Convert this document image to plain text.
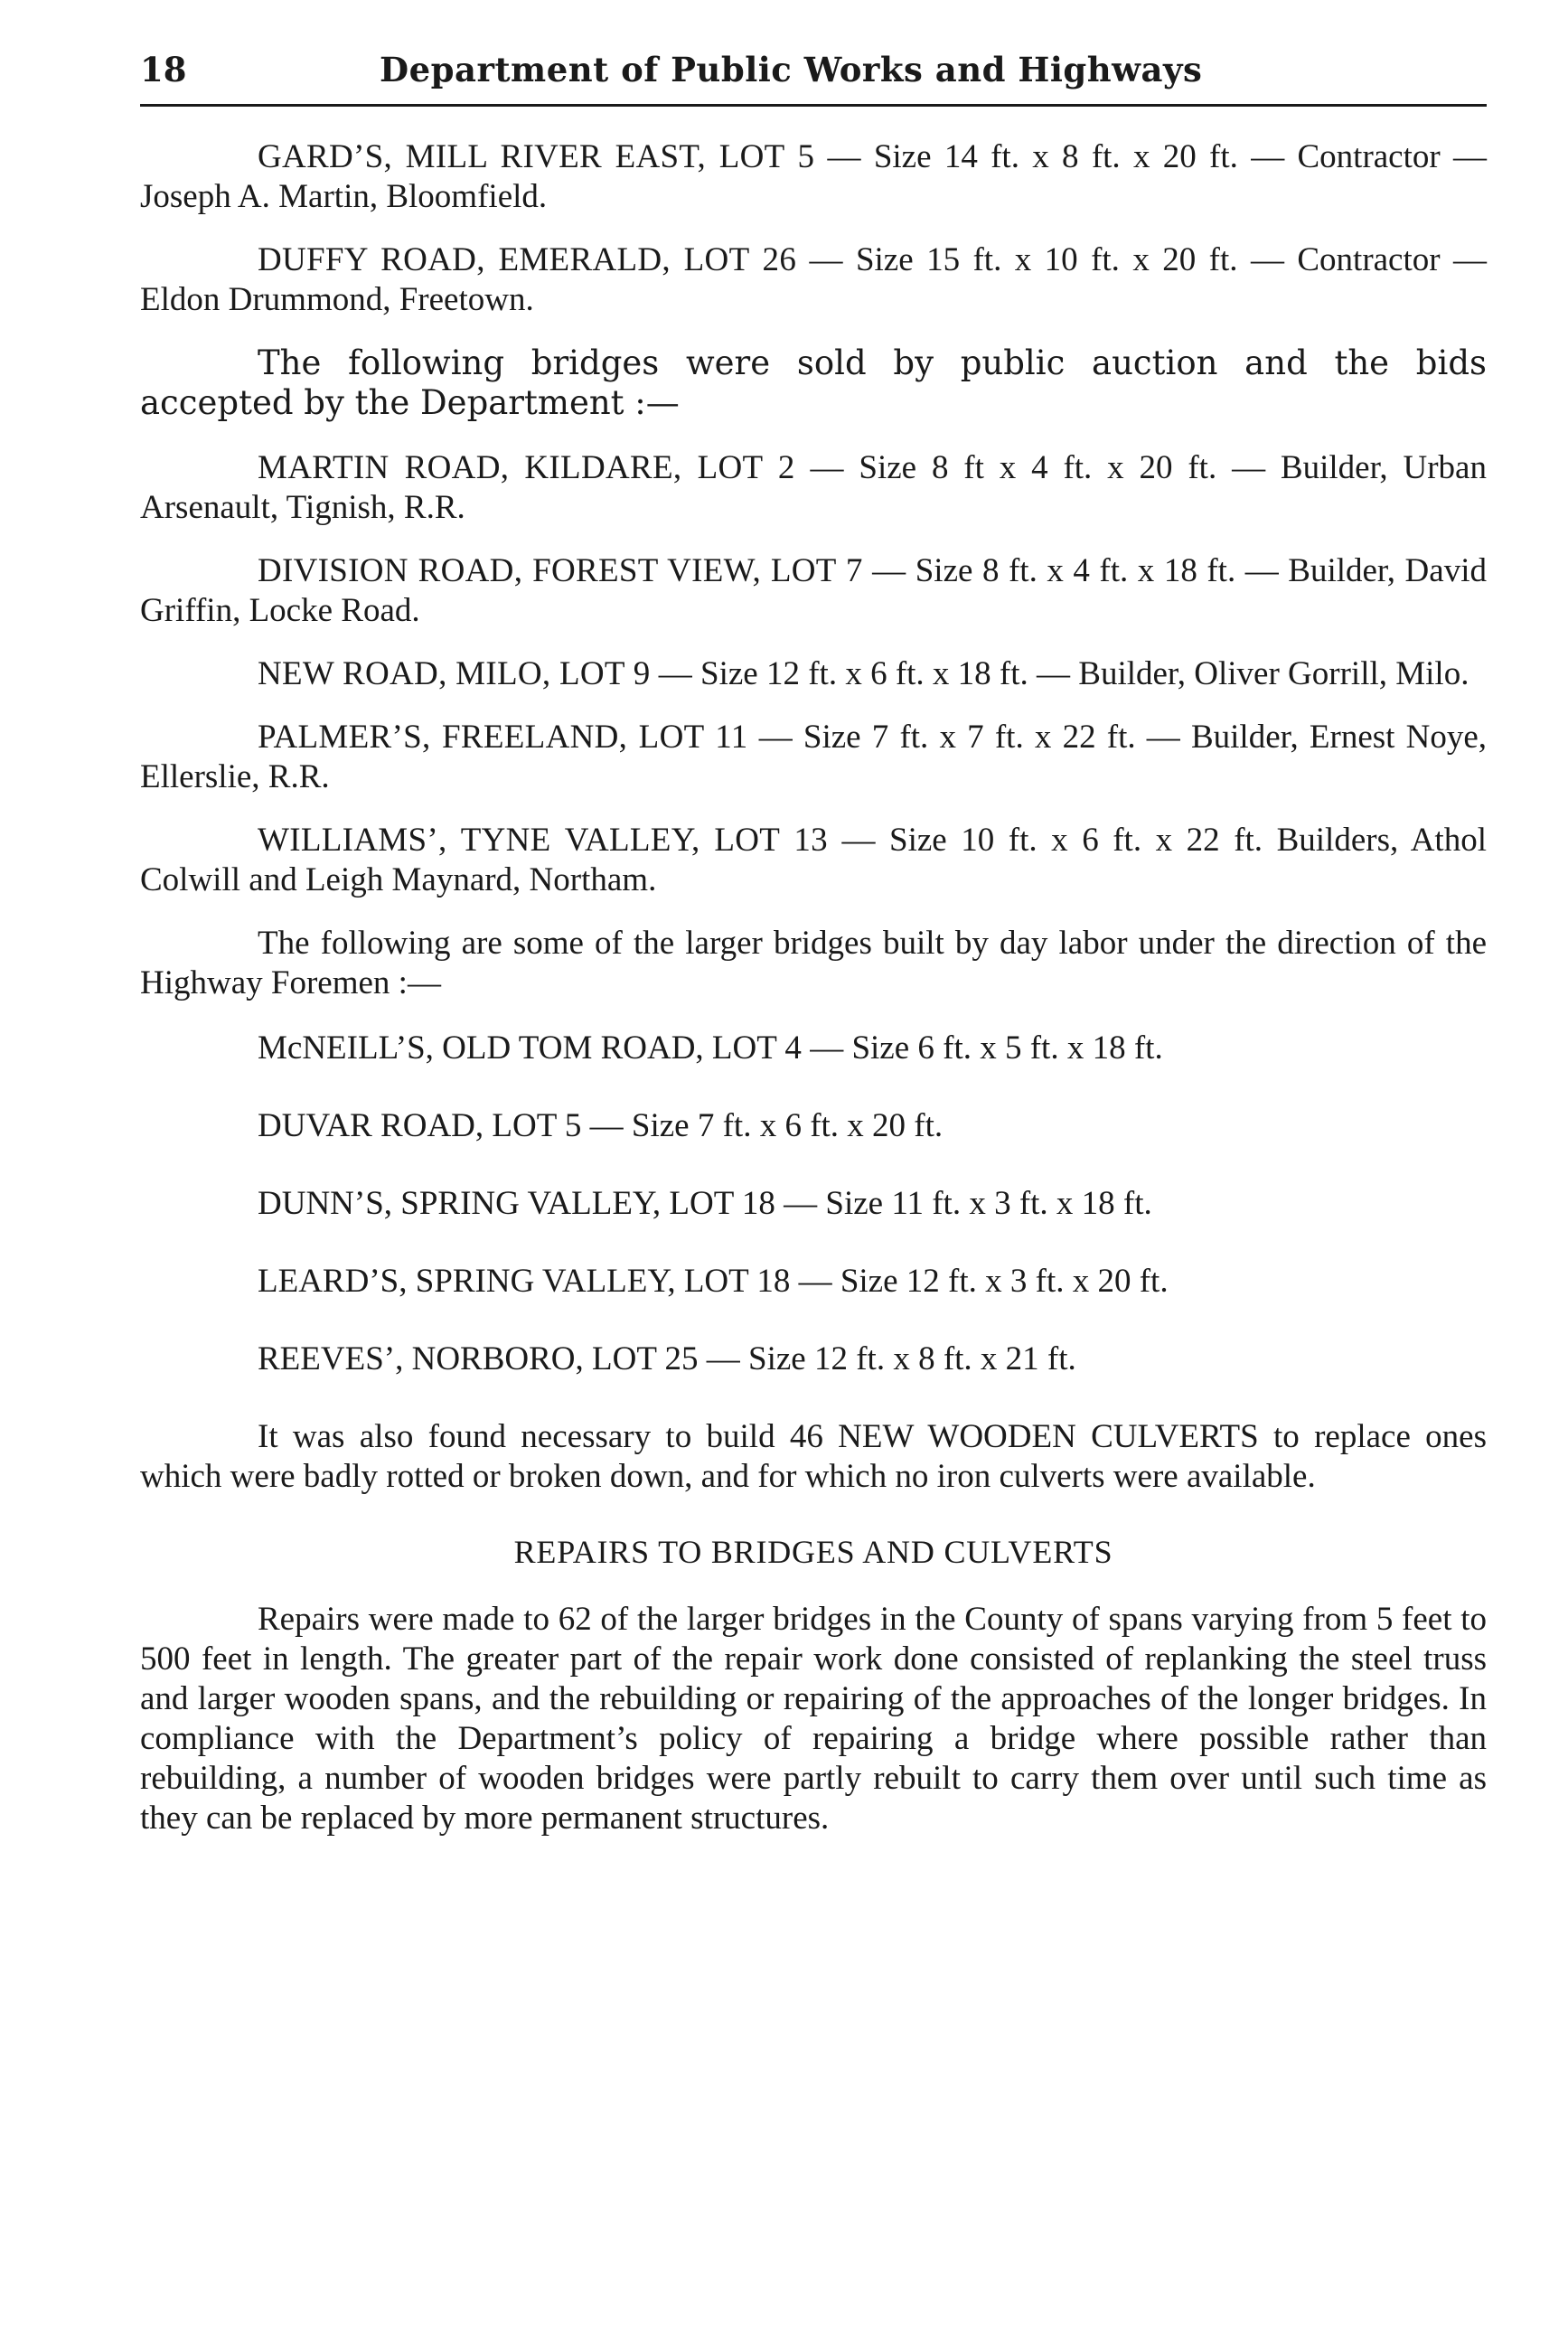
18	Department of Public Works and Highways

GARD’S, MILL RIVER EAST, LOT 5 — Size 14 ft. x 8 ft. x 20 ft. — Contractor — Joseph A. Martin, Bloomfield.

DUFFY ROAD, EMERALD, LOT 26 — Size 15 ft. x 10 ft. x 20 ft. — Contractor — Eldon Drummond, Freetown.

The following bridges were sold by public auction and the bids accepted by the Department :—

MARTIN ROAD, KILDARE, LOT 2 — Size 8 ft x 4 ft. x 20 ft. — Builder, Urban Arsenault, Tignish, R.R.

DIVISION ROAD, FOREST VIEW, LOT 7 — Size 8 ft. x 4 ft. x 18 ft. — Builder, David Griffin, Locke Road.

NEW ROAD, MILO, LOT 9 — Size 12 ft. x 6 ft. x 18 ft. — Builder, Oliver Gorrill, Milo.

PALMER’S, FREELAND, LOT 11 — Size 7 ft. x 7 ft. x 22 ft. — Builder, Ernest Noye, Ellerslie, R.R.

WILLIAMS’, TYNE VALLEY, LOT 13 — Size 10 ft. x 6 ft. x 22 ft. Builders, Athol Colwill and Leigh Maynard, Northam.

The following are some of the larger bridges built by day labor under the direction of the Highway Foremen :—

McNEILL’S, OLD TOM ROAD, LOT 4 — Size 6 ft. x 5 ft. x 18 ft.

DUVAR ROAD, LOT 5 — Size 7 ft. x 6 ft. x 20 ft.

DUNN’S, SPRING VALLEY, LOT 18 — Size 11 ft. x 3 ft. x 18 ft.

LEARD’S, SPRING VALLEY, LOT 18 — Size 12 ft. x 3 ft. x 20 ft.

REEVES’, NORBORO, LOT 25 — Size 12 ft. x 8 ft. x 21 ft.

It was also found necessary to build 46 NEW WOODEN CULVERTS to replace ones which were badly rotted or broken down, and for which no iron culverts were available.

REPAIRS TO BRIDGES AND CULVERTS

Repairs were made to 62 of the larger bridges in the County of spans varying from 5 feet to 500 feet in length. The greater part of the repair work done consisted of replanking the steel truss and larger wooden spans, and the rebuilding or repairing of the approaches of the longer bridges. In compliance with the Department’s policy of repairing a bridge where possible rather than rebuilding, a number of wooden bridges were partly rebuilt to carry them over until such time as they can be replaced by more permanent structures.
